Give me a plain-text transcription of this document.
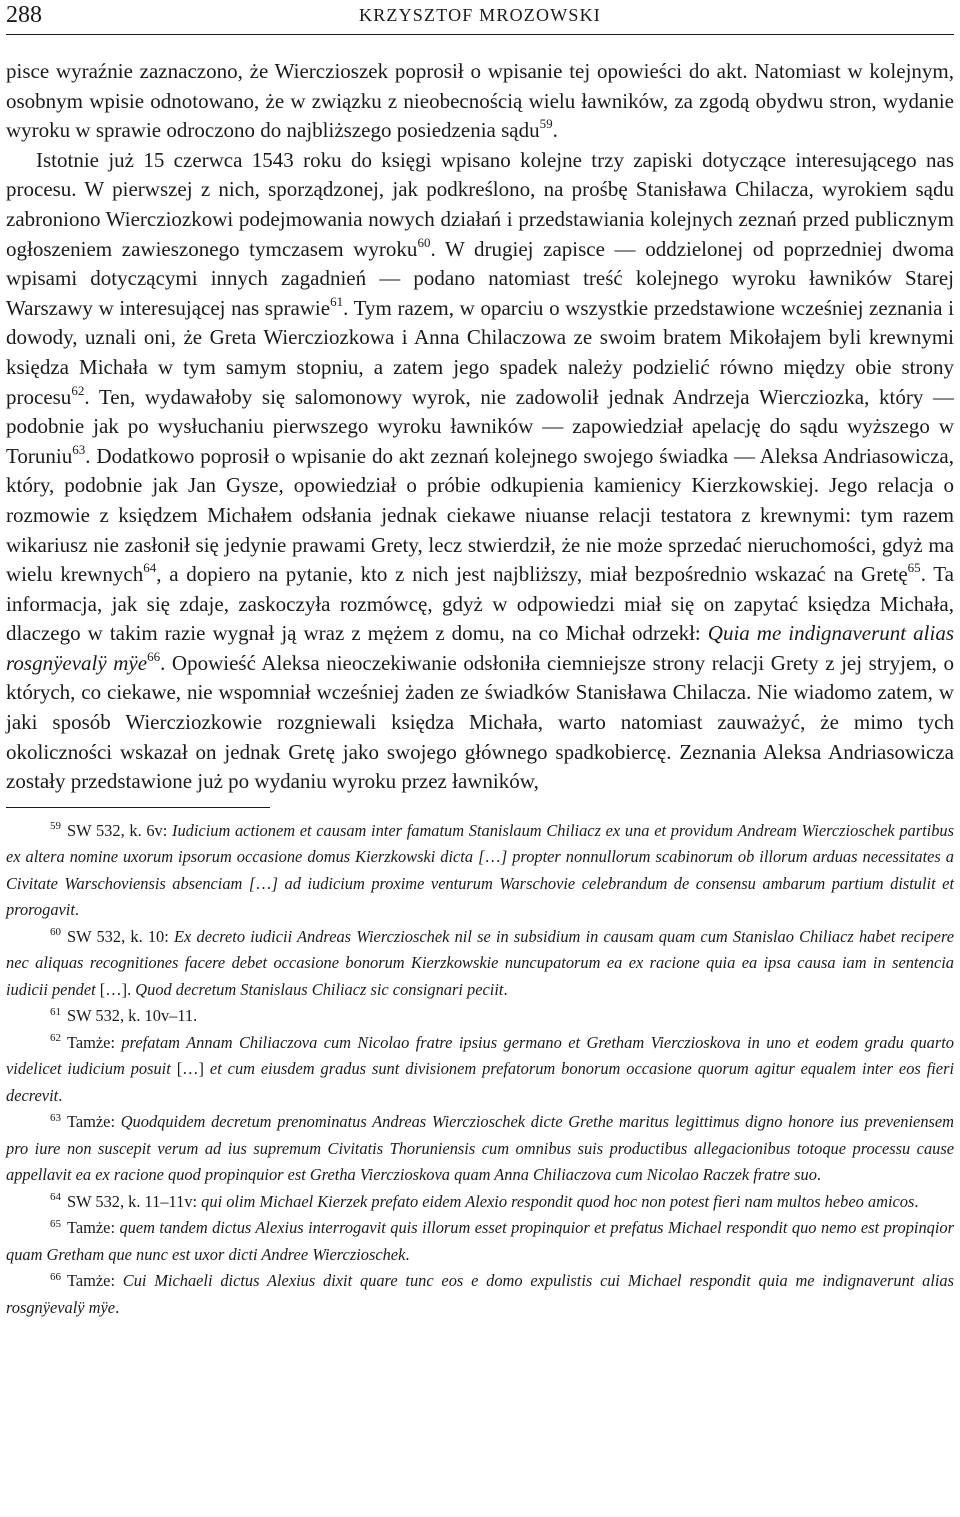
288	KRZYSZTOF MROZOWSKI

pisce wyraźnie zaznaczono, że Wierczioszek poprosił o wpisanie tej opowieści do akt. Natomiast w kolejnym, osobnym wpisie odnotowano, że w związku z nieobecnością wielu ławników, za zgodą obydwu stron, wydanie wyroku w sprawie odroczono do najbliższego posiedzenia sądu$^{59}$.

Istotnie już 15 czerwca 1543 roku do księgi wpisano kolejne trzy zapiski dotyczące interesującego nas procesu. W pierwszej z nich, sporządzonej, jak podkreślono, na prośbę Stanisława Chilacza, wyrokiem sądu zabroniono Wiercziozkowi podejmowania nowych działań i przedstawiania kolejnych zeznań przed publicznym ogłoszeniem zawieszonego tymczasem wyroku$^{60}$. W drugiej zapisce — oddzielonej od poprzedniej dwoma wpisami dotyczącymi innych zagadnień — podano natomiast treść kolejnego wyroku ławników Starej Warszawy w interesującej nas sprawie$^{61}$. Tym razem, w oparciu o wszystkie przedstawione wcześniej zeznania i dowody, uznali oni, że Greta Wiercziozkowa i Anna Chilaczowa ze swoim bratem Mikołajem byli krewnymi księdza Michała w tym samym stopniu, a zatem jego spadek należy podzielić równo między obie strony procesu$^{62}$. Ten, wydawałoby się salomonowy wyrok, nie zadowolił jednak Andrzeja Wiercziozka, który — podobnie jak po wysłuchaniu pierwszego wyroku ławników — zapowiedział apelację do sądu wyższego w Toruniu$^{63}$. Dodatkowo poprosił o wpisanie do akt zeznań kolejnego swojego świadka — Aleksa Andriasowicza, który, podobnie jak Jan Gysze, opowiedział o próbie odkupienia kamienicy Kierzkowskiej. Jego relacja o rozmowie z księdzem Michałem odsłania jednak ciekawe niuanse relacji testatora z krewnymi: tym razem wikariusz nie zasłonił się jedynie prawami Grety, lecz stwierdził, że nie może sprzedać nieruchomości, gdyż ma wielu krewnych$^{64}$, a dopiero na pytanie, kto z nich jest najbliższy, miał bezpośrednio wskazać na Gretę$^{65}$. Ta informacja, jak się zdaje, zaskoczyła rozmówcę, gdyż w odpowiedzi miał się on zapytać księdza Michała, dlaczego w takim razie wygnał ją wraz z mężem z domu, na co Michał odrzekł: Quia me indignaverunt alias rosgnÿevalÿ mÿe$^{66}$. Opowieść Aleksa nieoczekiwanie odsłoniła ciemniejsze strony relacji Grety z jej stryjem, o których, co ciekawe, nie wspomniał wcześniej żaden ze świadków Stanisława Chilacza. Nie wiadomo zatem, w jaki sposób Wiercziozkowie rozgniewali księdza Michała, warto natomiast zauważyć, że mimo tych okoliczności wskazał on jednak Gretę jako swojego głównego spadkobiercę. Zeznania Aleksa Andriasowicza zostały przedstawione już po wydaniu wyroku przez ławników,

$^{59}$ SW 532, k. 6v: Iudicium actionem et causam inter famatum Stanislaum Chiliacz ex una et providum Andream Wiercziosсhek partibus ex altera nomine uxorum ipsorum occasione domus Kierzkowski dicta […] propter nonnullorum scabinorum ob illorum arduas necessitates a Civitate Warschoviensis absenciam […] ad iudicium proxime venturum Warschovie celebrandum de consensu ambarum partium distulit et prorogavit.

$^{60}$ SW 532, k. 10: Ex decreto iudicii Andreas Wiercziosсhek nil se in subsidium in causam quam cum Stanislao Chiliacz habet recipere nec aliquas recognitiones facere debet occasione bonorum Kierzkowskie nuncupatorum ea ex racione quia ea ipsa causa iam in sentencia iudicii pendet […]. Quod decretum Stanislaus Chiliacz sic consignari peciit.

$^{61}$ SW 532, k. 10v–11.

$^{62}$ Tamże: prefatam Annam Chiliaczova cum Nicolao fratre ipsius germano et Gretham Vierczioskova in uno et eodem gradu quarto videlicet iudicium posuit […] et cum eiusdem gradus sunt divisionem prefatorum bonorum occasione quorum agitur equalem inter eos fieri decrevit.

$^{63}$ Tamże: Quodquidem decretum prenominatus Andreas Wiercziosсhek dicte Grethe maritus legittimus digno honore ius preveniensem pro iure non suscepit verum ad ius supremum Civitatis Thoruniensis cum omnibus suis productibus allegacionibus totoque processu cause appellavit ea ex racione quod propinquior est Gretha Vierczioskova quam Anna Chiliaczova cum Nicolao Raczek fratre suo.

$^{64}$ SW 532, k. 11–11v: qui olim Michael Kierzek prefato eidem Alexio respondit quod hoc non potest fieri nam multos hebeo amicos.

$^{65}$ Tamże: quem tandem dictus Alexius interrogavit quis illorum esset propinquior et prefatus Michael respondit quo nemo est propinqior quam Gretham que nunc est uxor dicti Andree Wiercziosсhek.

$^{66}$ Tamże: Cui Michaeli dictus Alexius dixit quare tunc eos e domo expulistis cui Michael respondit quia me indignaverunt alias rosgnÿevalÿ mÿe.
